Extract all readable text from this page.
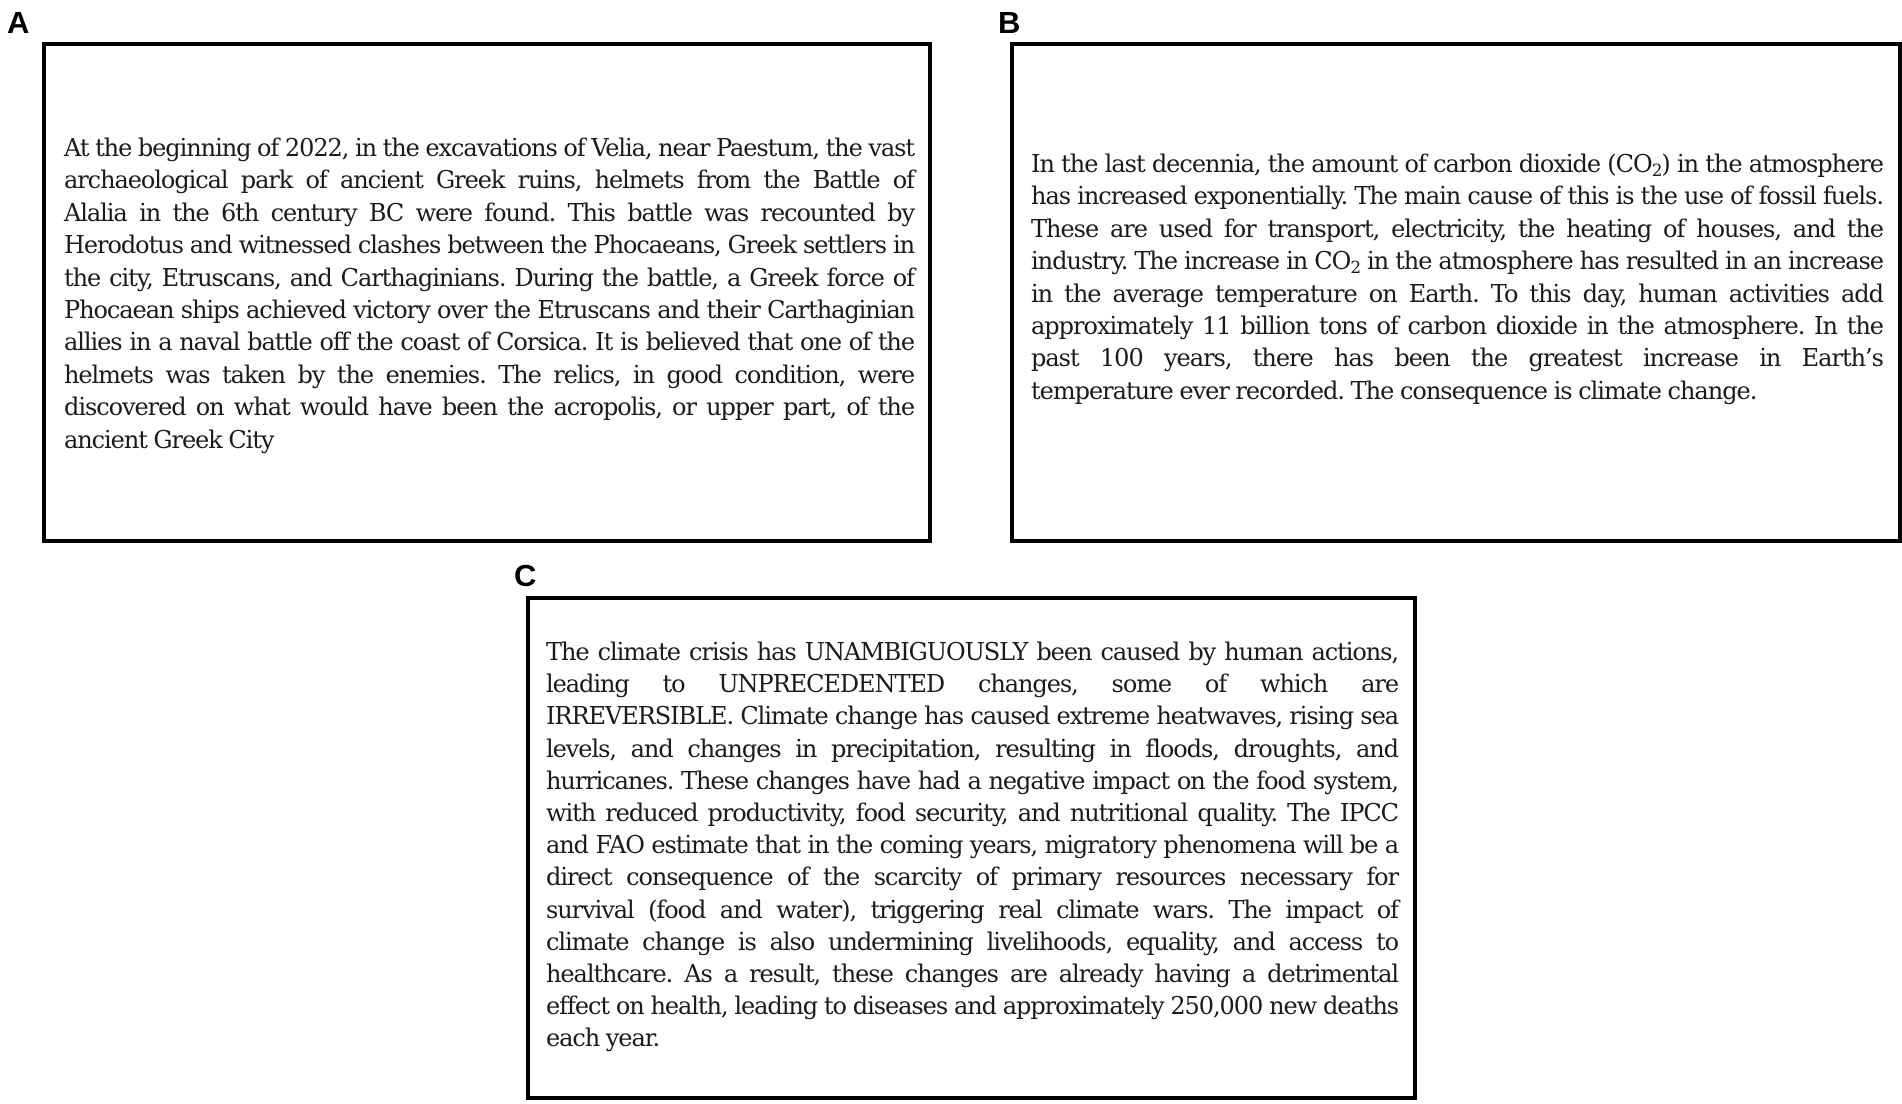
A

At the beginning of 2022, in the excavations of Velia, near Paestum, the vast archaeological park of ancient Greek ruins, helmets from the Battle of Alalia in the 6th century BC were found. This battle was recounted by Herodotus and witnessed clashes between the Phocaeans, Greek settlers in the city, Etruscans, and Carthaginians. During the battle, a Greek force of Phocaean ships achieved victory over the Etruscans and their Carthaginian allies in a naval battle off the coast of Corsica. It is believed that one of the helmets was taken by the enemies. The relics, in good condition, were discovered on what would have been the acropolis, or upper part, of the ancient Greek City

B

In the last decennia, the amount of carbon dioxide $(CO_2)$ in the atmosphere has increased exponentially. The main cause of this is the use of fossil fuels. These are used for transport, electricity, the heating of houses, and the industry. The increase in $CO_2$ in the atmosphere has resulted in an increase in the average temperature on Earth. To this day, human activities add approximately 11 billion tons of carbon dioxide in the atmosphere. In the past 100 years, there has been the greatest increase in Earth’s temperature ever recorded. The consequence is climate change.

C

The climate crisis has UNAMBIGUOUSLY been caused by human actions, leading to UNPRECEDENTED changes, some of which are IRREVERSIBLE. Climate change has caused extreme heatwaves, rising sea levels, and changes in precipitation, resulting in floods, droughts, and hurricanes. These changes have had a negative impact on the food system, with reduced productivity, food security, and nutritional quality. The IPCC and FAO estimate that in the coming years, migratory phenomena will be a direct consequence of the scarcity of primary resources necessary for survival (food and water), triggering real climate wars. The impact of climate change is also undermining livelihoods, equality, and access to healthcare. As a result, these changes are already having a detrimental effect on health, leading to diseases and approximately 250,000 new deaths each year.
